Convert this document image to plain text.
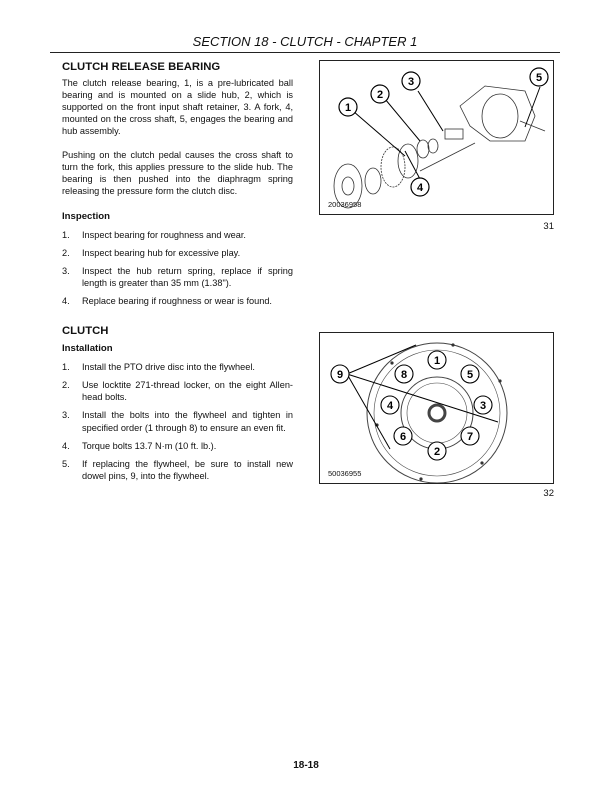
SECTION 18 - CLUTCH - CHAPTER 1
CLUTCH RELEASE BEARING

The clutch release bearing, 1, is a pre-lubricated ball bearing and is mounted on a slide hub, 2, which is supported on the front input shaft retainer, 3. A fork, 4, mounted on the cross shaft, 5, engages the bearing and hub assembly.

Pushing on the clutch pedal causes the cross shaft to turn the fork, this applies pressure to the slide hub. The bearing is then pushed into the diaphragm spring releasing the pressure form the clutch disc.

Inspection
1. Inspect bearing for roughness and wear.
2. Inspect bearing hub for excessive play.
3. Inspect the hub return spring, replace if spring length is greater than 35 mm (1.38").
4. Replace bearing if roughness or wear is found.
CLUTCH
Installation
1. Install the PTO drive disc into the flywheel.
2. Use locktite 271-thread locker, on the eight Allen-head bolts.
3. Install the bolts into the flywheel and tighten in specified order (1 through 8) to ensure an even fit.
4. Torque bolts 13.7 N·m (10 ft. lb.).
5. If replacing the flywheel, be sure to install new dowel pins, 9, into the flywheel.
1
2
3
4
5
20036958
31
1
2
3
4
5
6	7
8
9
50036955
32
18-18
